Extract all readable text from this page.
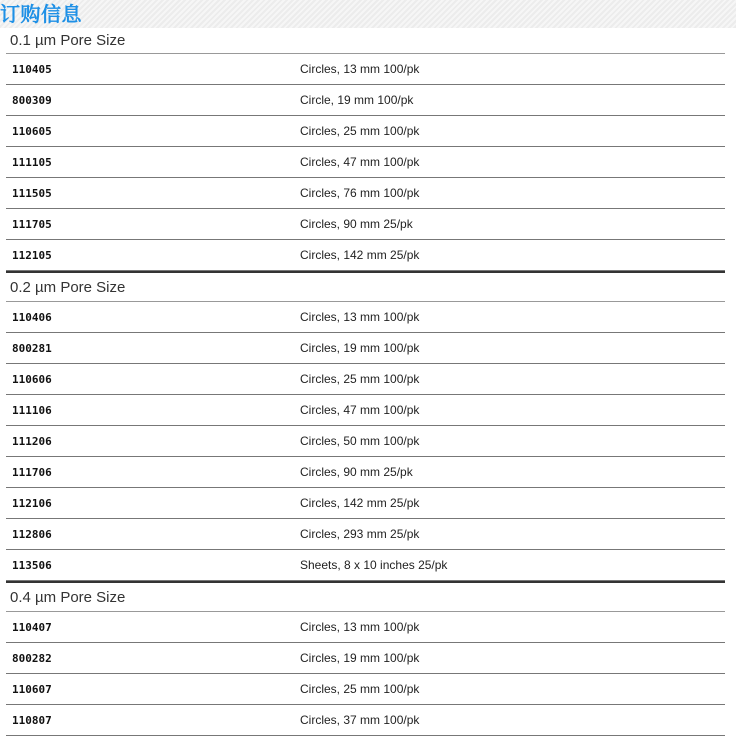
订购信息
0.1 µm Pore Size
110405	Circles, 13 mm 100/pk
800309	Circle, 19 mm 100/pk
110605	Circles, 25 mm 100/pk
111105	Circles, 47 mm 100/pk
111505	Circles, 76 mm 100/pk
111705	Circles, 90 mm 25/pk
112105	Circles, 142 mm 25/pk
0.2 µm Pore Size
110406	Circles, 13 mm 100/pk
800281	Circles, 19 mm 100/pk
110606	Circles, 25 mm 100/pk
111106	Circles, 47 mm 100/pk
111206	Circles, 50 mm 100/pk
111706	Circles, 90 mm 25/pk
112106	Circles, 142 mm 25/pk
112806	Circles, 293 mm 25/pk
113506	Sheets, 8 x 10 inches 25/pk
0.4 µm Pore Size
110407	Circles, 13 mm 100/pk
800282	Circles, 19 mm 100/pk
110607	Circles, 25 mm 100/pk
110807	Circles, 37 mm 100/pk
